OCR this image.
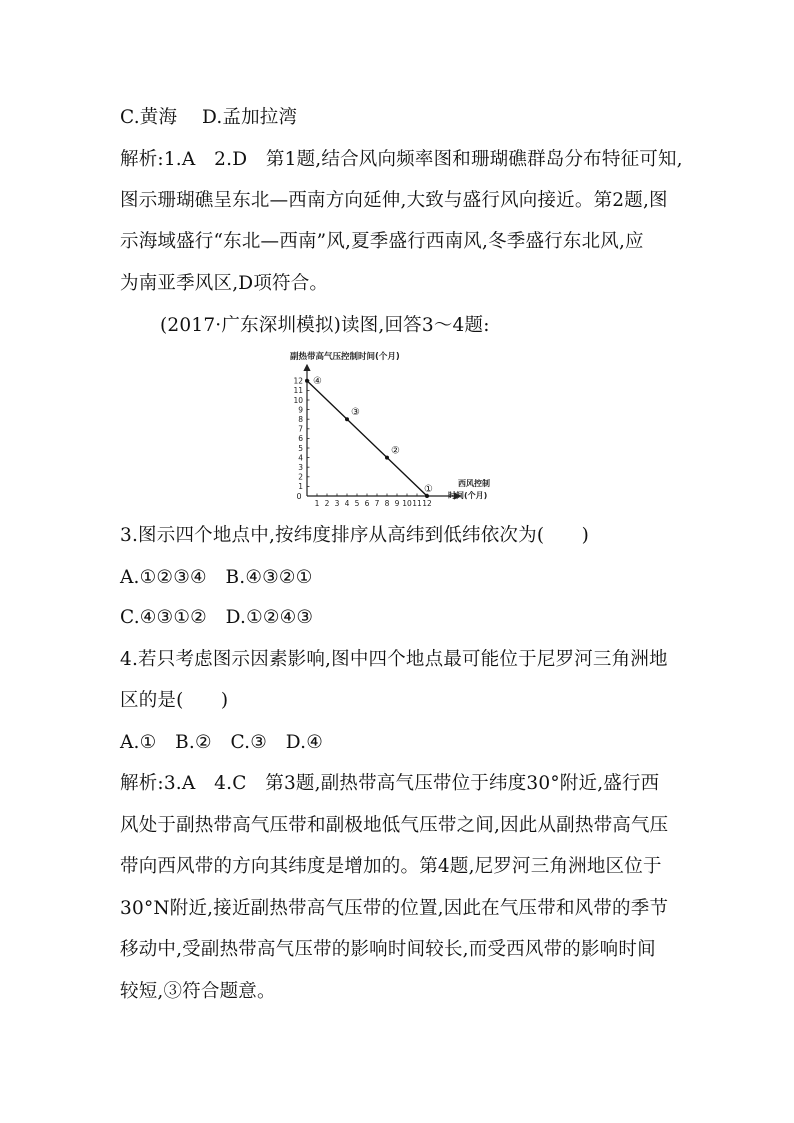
C.黄海　 D.孟加拉湾
解析:1.A　2.D　第1题,结合风向频率图和珊瑚礁群岛分布特征可知,
图示珊瑚礁呈东北—西南方向延伸,大致与盛行风向接近。第2题,图
示海域盛行“东北—西南”风,夏季盛行西南风,冬季盛行东北风,应
为南亚季风区,D项符合。
(2017·广东深圳模拟)读图,回答3～4题:
副热带高气压控制时间(个月)
0
西风控制
时间(个月)
1 2 3 4 5 6 7 8 9 10 11 12
1
2
3
4
5
6
7
8
9
10
11
12 ④
③
②
①
3.图示四个地点中,按纬度排序从高纬到低纬依次为(　　)
A.①②③④　B.④③②①
C.④③①②　D.①②④③
4.若只考虑图示因素影响,图中四个地点最可能位于尼罗河三角洲地
区的是(　　)
A.①　B.②　C.③　D.④
解析:3.A　4.C　第3题,副热带高气压带位于纬度30°附近,盛行西
风处于副热带高气压带和副极地低气压带之间,因此从副热带高气压
带向西风带的方向其纬度是增加的。第4题,尼罗河三角洲地区位于
30°N附近,接近副热带高气压带的位置,因此在气压带和风带的季节
移动中,受副热带高气压带的影响时间较长,而受西风带的影响时间
较短,③符合题意。
